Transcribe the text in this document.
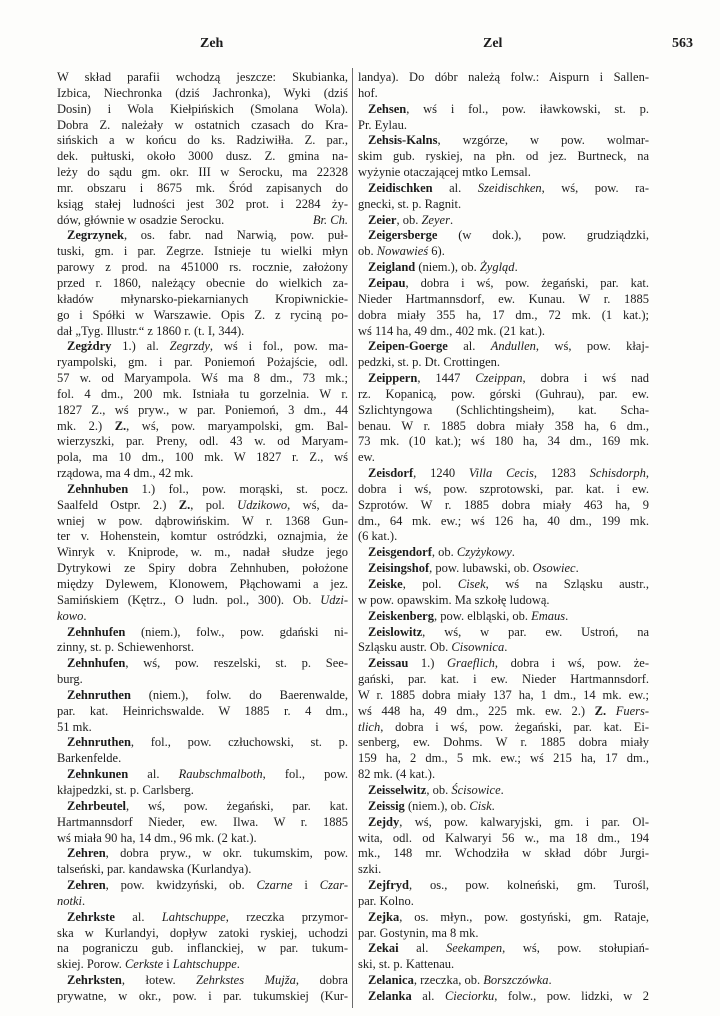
Zeh	Zel	563
W skład parafii wchodzą jeszcze: Skubianka,
Izbica, Niechronka (dziś Jachronka), Wyki (dziś
Dosin) i Wola Kiełpińskich (Smolana Wola).
Dobra Z. należały w ostatnich czasach do Kra-
sińskich a w końcu do ks. Radziwiłła. Z. par.,
dek. pułtuski, około 3000 dusz. Z. gmina na-
leży do sądu gm. okr. III w Serocku, ma 22328
mr. obszaru i 8675 mk. Śród zapisanych do
ksiąg stałej ludności jest 302 prot. i 2284 ży-
dów, głównie w osadzie Serocku.	Br. Ch.
Zegrzynek, os. fabr. nad Narwią, pow. puł-
tuski, gm. i par. Zegrze. Istnieje tu wielki młyn
parowy z prod. na 451000 rs. rocznie, założony
przed r. 1860, należący obecnie do wielkich za-
kładów młynarsko-piekarnianych Kropiwnickie-
go i Spółki w Warszawie. Opis Z. z ryciną po-
dał „Tyg. Illustr.“ z 1860 r. (t. I, 344).
Zegżdry 1.) al. Zegrzdy, wś i fol., pow. ma-
ryampolski, gm. i par. Poniemoń Pożajście, odl.
57 w. od Maryampola. Wś ma 8 dm., 73 mk.;
fol. 4 dm., 200 mk. Istniała tu gorzelnia. W r.
1827 Z., wś pryw., w par. Poniemoń, 3 dm., 44
mk. 2.) Z., wś, pow. maryampolski, gm. Bal-
wierzyszki, par. Preny, odl. 43 w. od Maryam-
pola, ma 10 dm., 100 mk. W 1827 r. Z., wś
rządowa, ma 4 dm., 42 mk.
Zehnhuben 1.) fol., pow. morąski, st. pocz.
Saalfeld Ostpr. 2.) Z., pol. Udzikowo, wś, da-
wniej w pow. dąbrowińskim. W r. 1368 Gun-
ter v. Hohenstein, komtur ostródzki, oznajmia, że
Winryk v. Kniprode, w. m., nadał słudze jego
Dytrykowi ze Spiry dobra Zehnhuben, położone
między Dylewem, Klonowem, Płąchowami a jez.
Samińskiem (Kętrz., O ludn. pol., 300). Ob. Udzi-
kowo.
Zehnhufen (niem.), folw., pow. gdański ni-
zinny, st. p. Schiewenhorst.
Zehnhufen, wś, pow. reszelski, st. p. See-
burg.
Zehnruthen (niem.), folw. do Baerenwalde,
par. kat. Heinrichswalde. W 1885 r. 4 dm.,
51 mk.
Zehnruthen, fol., pow. człuchowski, st. p.
Barkenfelde.
Zehnkunen al. Raubschmalboth, fol., pow.
kłajpedzki, st. p. Carlsberg.
Zehrbeutel, wś, pow. żegański, par. kat.
Hartmannsdorf Nieder, ew. Ilwa. W r. 1885
wś miała 90 ha, 14 dm., 96 mk. (2 kat.).
Zehren, dobra pryw., w okr. tukumskim, pow.
talseński, par. kandawska (Kurlandya).
Zehren, pow. kwidzyński, ob. Czarne i Czar-
notki.
Zehrkste al. Lahtschuppe, rzeczka przymor-
ska w Kurlandyi, dopływ zatoki ryskiej, uchodzi
na pograniczu gub. inflanckiej, w par. tukum-
skiej. Porow. Cerkste i Lahtschuppe.
Zehrksten, łotew. Zehrkstes Mujža, dobra
prywatne, w okr., pow. i par. tukumskiej (Kur-
landya). Do dóbr należą folw.: Aispurn i Sallen-
hof.
Zehsen, wś i fol., pow. iławkowski, st. p.
Pr. Eylau.
Zehsis-Kalns, wzgórze, w pow. wolmar-
skim gub. ryskiej, na płn. od jez. Burtneck, na
wyżynie otaczającej mtko Lemsal.
Zeidischken al. Szeidischken, wś, pow. ra-
gnecki, st. p. Ragnit.
Zeier, ob. Zeyer.
Zeigersberge (w dok.), pow. grudziądzki,
ob. Nowawieś 6).
Zeigland (niem.), ob. Żygląd.
Zeipau, dobra i wś, pow. żegański, par. kat.
Nieder Hartmannsdorf, ew. Kunau. W r. 1885
dobra miały 355 ha, 17 dm., 72 mk. (1 kat.);
wś 114 ha, 49 dm., 402 mk. (21 kat.).
Zeipen-Goerge al. Andullen, wś, pow. kłaj-
pedzki, st. p. Dt. Crottingen.
Zeippern, 1447 Czeippan, dobra i wś nad
rz. Kopanicą, pow. górski (Guhrau), par. ew.
Szlichtyngowa (Schlichtingsheim), kat. Scha-
benau. W r. 1885 dobra miały 358 ha, 6 dm.,
73 mk. (10 kat.); wś 180 ha, 34 dm., 169 mk.
ew.
Zeisdorf, 1240 Villa Cecis, 1283 Schisdorph,
dobra i wś, pow. szprotowski, par. kat. i ew.
Szprotów. W r. 1885 dobra miały 463 ha, 9
dm., 64 mk. ew.; wś 126 ha, 40 dm., 199 mk.
(6 kat.).
Zeisgendorf, ob. Czyżykowy.
Zeisingshof, pow. lubawski, ob. Osowiec.
Zeiske, pol. Cisek, wś na Szląsku austr.,
w pow. opawskim. Ma szkołę ludową.
Zeiskenberg, pow. elbląski, ob. Emaus.
Zeislowitz, wś, w par. ew. Ustroń, na
Szląsku austr. Ob. Cisownica.
Zeissau 1.) Graeflich, dobra i wś, pow. że-
gański, par. kat. i ew. Nieder Hartmannsdorf.
W r. 1885 dobra miały 137 ha, 1 dm., 14 mk. ew.;
wś 448 ha, 49 dm., 225 mk. ew. 2.) Z. Fuers-
tlich, dobra i wś, pow. żegański, par. kat. Ei-
senberg, ew. Dohms. W r. 1885 dobra miały
159 ha, 2 dm., 5 mk. ew.; wś 215 ha, 17 dm.,
82 mk. (4 kat.).
Zeisselwitz, ob. Ścisowice.
Zeissig (niem.), ob. Cisk.
Zejdy, wś, pow. kalwaryjski, gm. i par. Ol-
wita, odl. od Kalwaryi 56 w., ma 18 dm., 194
mk., 148 mr. Wchodziła w skład dóbr Jurgi-
szki.
Zejfryd, os., pow. kolneński, gm. Turośl,
par. Kolno.
Zejka, os. młyn., pow. gostyński, gm. Rataje,
par. Gostynin, ma 8 mk.
Zekai al. Seekampen, wś, pow. stołupiań-
ski, st. p. Kattenau.
Zelanica, rzeczka, ob. Borszczówka.
Zelanka al. Cieciorku, folw., pow. lidzki, w 2
